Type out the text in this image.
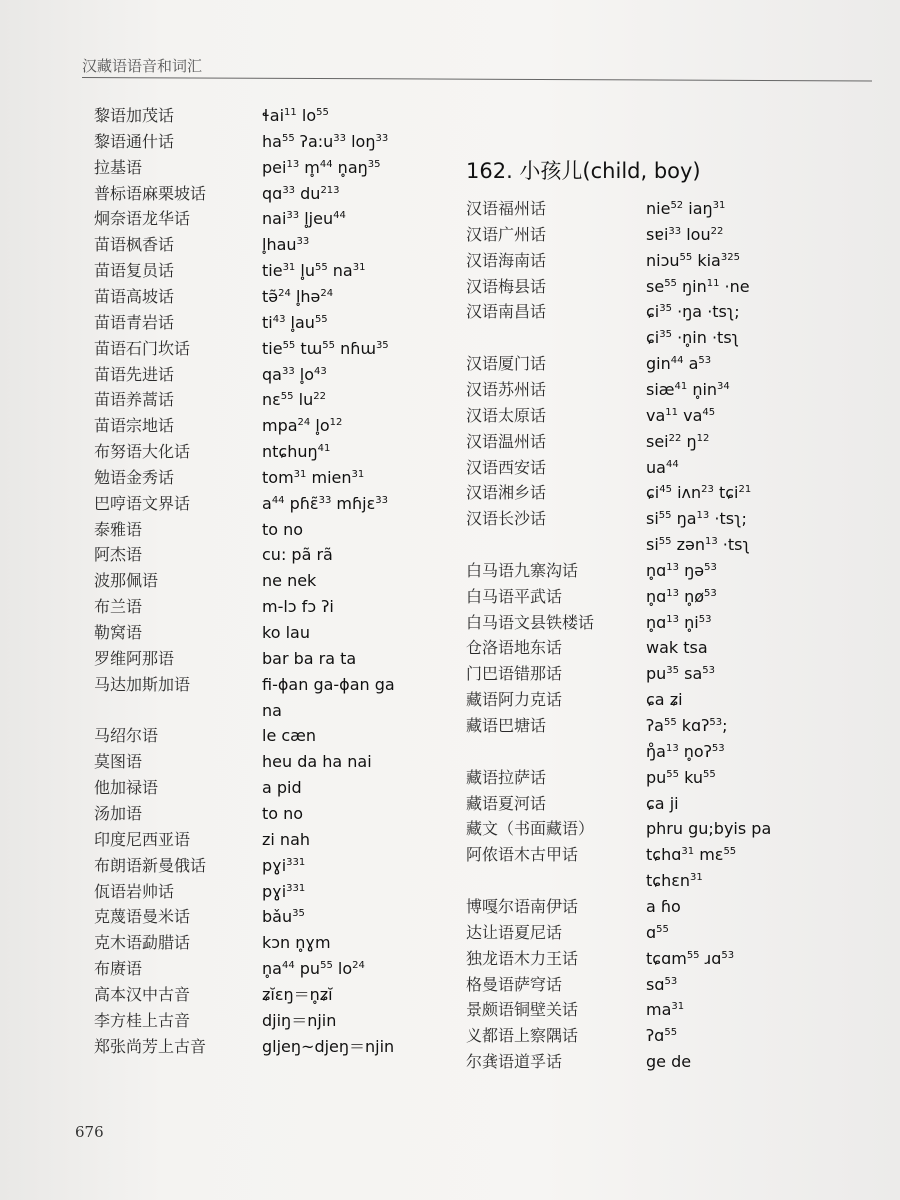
汉藏语语音和词汇
黎语加茂话	ɬai$^{11}$ $lo^{55}$
黎语通什话	$ha^{55}$ $ʔa:u^{33}$ loŋ$^{33}$
拉基语	pei$^{13}$ m̥$^{44}$ $n̥aŋ^{35}$
普标语麻栗坡话	qɑ$^{33}$ $du^{213}$
炯奈语龙华话	nai$^{33}$ l̥jeu$^{44}$
苗语枫香话	l̥hau$^{33}$
苗语复员话	tie$^{31}$ $l̥u^{55}$ $na^{31}$
苗语高坡话	tə̃$^{24}$ l̥hə$^{24}$
苗语青岩话	$ti^{43}$ $l̥au^{55}$
苗语石门坎话	tie$^{55}$ tɯ$^{55}$ nɦɯ$^{35}$
苗语先进话	$qa^{33}$ $l̥o^{43}$
苗语养蒿话	nɛ$^{55}$ $lu^{22}$
苗语宗地话	mpa$^{24}$ $l̥o^{12}$
布努语大化话	ntɕhuŋ$^{41}$
勉语金秀话	tom$^{31}$ mien$^{31}$
巴哼语文界话	$a^{44}$ pɦɛ̃$^{33}$ mɦjɛ$^{33}$
泰雅语	to no
阿杰语	cu: pã rã
波那佩语	ne nek
布兰语	m-lɔ fɔ ʔi
勒窝语	ko lau
罗维阿那语	bar ba ra ta
马达加斯加语	fi-ɸan ga-ɸan ga
na
马绍尔语	le cæn
莫图语	heu da ha nai
他加禄语	a pid
汤加语	to no
印度尼西亚语	zi nah
布朗语新曼俄话	pɣi$^{331}$
佤语岩帅话	pɣi$^{331}$
克蔑语曼米话	bǎu$^{35}$
克木语勐腊话	kɔn n̥ɣm
布赓语	$n̥a^{44}$ $pu^{55}$ $lo^{24}$
高本汉中古音	ʑĭɛŋ＝n̥ʑĭ
李方桂上古音	djiŋ＝njin
郑张尚芳上古音	gljeŋ~djeŋ＝njin
162. 小孩儿(child, boy)
汉语福州话	nie$^{52}$ iaŋ$^{31}$
汉语广州话	sɐi$^{33}$ lou$^{22}$
汉语海南话	niɔu$^{55}$ kia$^{325}$
汉语梅县话	$se^{55}$ ŋin$^{11}$ ·ne
汉语南昌话	ɕi$^{35}$ ·ŋa ·tsʅ;
ɕi$^{35}$ ·n̥in ·tsʅ
汉语厦门话	gin$^{44}$ $a^{53}$
汉语苏州话	siæ$^{41}$ $n̥in^{34}$
汉语太原话	$va^{11}$ $va^{45}$
汉语温州话	sei$^{22}$ $ŋ^{12}$
汉语西安话	$ua^{44}$
汉语湘乡话	ɕi$^{45}$ iʌn$^{23}$ tɕi$^{21}$
汉语长沙话	$si^{55}$ $ŋa^{13}$ ·tsʅ;
$si^{55}$ zən$^{13}$ ·tsʅ
白马语九寨沟话	n̥ɑ$^{13}$ ŋə$^{53}$
白马语平武话	n̥ɑ$^{13}$ $n̥ø^{53}$
白马语文县铁楼话	n̥ɑ$^{13}$ $n̥i^{53}$
仓洛语地东话	wak tsa
门巴语错那话	$pu^{35}$ $sa^{53}$
藏语阿力克话	ɕa ʑi
藏语巴塘话	ʔa$^{55}$ kɑʔ$^{53}$;
$ŋ̊a^{13}$ n̥oʔ$^{53}$
藏语拉萨话	$pu^{55}$ $ku^{55}$
藏语夏河话	ɕa ji
藏文（书面藏语）	phru gu;byis pa
阿侬语木古甲话	tɕhɑ$^{31}$ mɛ$^{55}$
tɕhɛn$^{31}$
博嘎尔语南伊话	a ɦo
达让语夏尼话	ɑ$^{55}$
独龙语木力王话	tɕɑm$^{55}$ ɹɑ$^{53}$
格曼语萨穹话	sɑ$^{53}$
景颇语铜壁关话	$ma^{31}$
义都语上察隅话	ʔɑ$^{55}$
尔龚语道孚话	ge de
676
